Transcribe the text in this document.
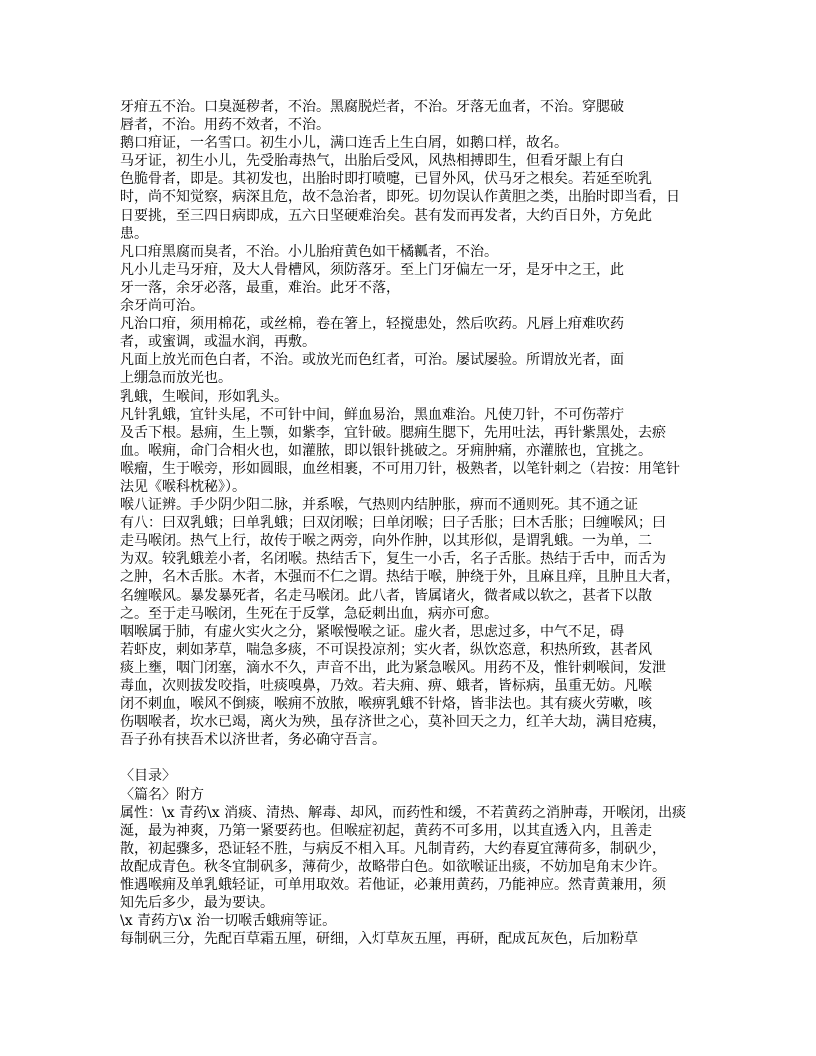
牙疳五不治。口臭涎秽者，不治。黑腐脱烂者，不治。牙落无血者，不治。穿腮破
唇者，不治。用药不效者，不治。
鹅口疳证，一名雪口。初生小儿，满口连舌上生白屑，如鹅口样，故名。
马牙证，初生小儿，先受胎毒热气，出胎后受风，风热相搏即生，但看牙龈上有白
色脆骨者，即是。其初发也，出胎时即打喷嚏，已冒外风，伏马牙之根矣。若延至吮乳
时，尚不知觉察，病深且危，故不急治者，即死。切勿误认作黄胆之类，出胎时即当看，日
日要挑，至三四日病即成，五六日坚硬难治矣。甚有发而再发者，大约百日外，方免此
患。
凡口疳黑腐而臭者，不治。小儿胎疳黄色如干橘瓤者，不治。
凡小儿走马牙疳，及大人骨槽风，须防落牙。至上门牙偏左一牙，是牙中之王，此
牙一落，余牙必落，最重，难治。此牙不落，
余牙尚可治。
凡治口疳，须用棉花，或丝棉，卷在箸上，轻搅患处，然后吹药。凡唇上疳难吹药
者，或蜜调，或温水润，再敷。
凡面上放光而色白者，不治。或放光而色红者，可治。屡试屡验。所谓放光者，面
上绷急而放光也。
乳蛾，生喉间，形如乳头。
凡针乳蛾，宜针头尾，不可针中间，鲜血易治，黑血难治。凡使刀针，不可伤蒂疔
及舌下根。悬痈，生上颚，如紫李，宜针破。腮痈生腮下，先用吐法，再针紫黑处，去瘀
血。喉痈，命门合相火也，如灌脓，即以银针挑破之。牙痈肿痛，亦灌脓也，宜挑之。
喉瘤，生于喉旁，形如圆眼，血丝相裹，不可用刀针，极熟者，以笔针刺之（岩按：用笔针
法见《喉科枕秘》）。
喉八证辨。手少阴少阳二脉，并系喉，气热则内结肿胀，痹而不通则死。其不通之证
有八：曰双乳蛾；曰单乳蛾；曰双闭喉；曰单闭喉；曰子舌胀；曰木舌胀；曰缠喉风；曰
走马喉闭。热气上行，故传于喉之两旁，向外作肿，以其形似，是谓乳蛾。一为单，二
为双。较乳蛾差小者，名闭喉。热结舌下，复生一小舌，名子舌胀。热结于舌中，而舌为
之肿，名木舌胀。木者，木强而不仁之谓。热结于喉，肿绕于外，且麻且痒，且肿且大者，
名缠喉风。暴发暴死者，名走马喉闭。此八者，皆属诸火，微者咸以软之，甚者下以散
之。至于走马喉闭，生死在于反掌，急砭刺出血，病亦可愈。
咽喉属于肺，有虚火实火之分，紧喉慢喉之证。虚火者，思虑过多，中气不足，碍
若虾皮，刺如茅草，喘急多痰，不可误投凉剂；实火者，纵饮恣意，积热所致，甚者风
痰上壅，咽门闭塞，滴水不久，声音不出，此为紧急喉风。用药不及，惟针刺喉间，发泄
毒血，次则拔发咬指，吐痰嗅鼻，乃效。若夫痈、痹、蛾者，皆标病，虽重无妨。凡喉
闭不刺血，喉风不倒痰，喉痈不放脓，喉痹乳蛾不针烙，皆非法也。其有痰火劳嗽，咳
伤咽喉者，坎水已竭，离火为殃，虽存济世之心，莫补回天之力，红羊大劫，满目疮痍，
吾子孙有挟吾术以济世者，务必确守吾言。
〈目录〉
〈篇名〉附方
属性：\x 青药\x 消痰、清热、解毒、却风，而药性和缓，不若黄药之消肿毒，开喉闭，出痰
涎，最为神爽，乃第一紧要药也。但喉症初起，黄药不可多用，以其直透入内，且善走
散，初起骤多，恐证轻不胜，与病反不相入耳。凡制青药，大约春夏宜薄荷多，制矾少，
故配成青色。秋冬宜制矾多，薄荷少，故略带白色。如欲喉证出痰，不妨加皂角末少许。
惟遇喉痈及单乳蛾轻证，可单用取效。若他证，必兼用黄药，乃能神应。然青黄兼用，须
知先后多少，最为要诀。
\x 青药方\x 治一切喉舌蛾痈等证。
每制矾三分，先配百草霜五厘，研细，入灯草灰五厘，再研，配成瓦灰色，后加粉草
